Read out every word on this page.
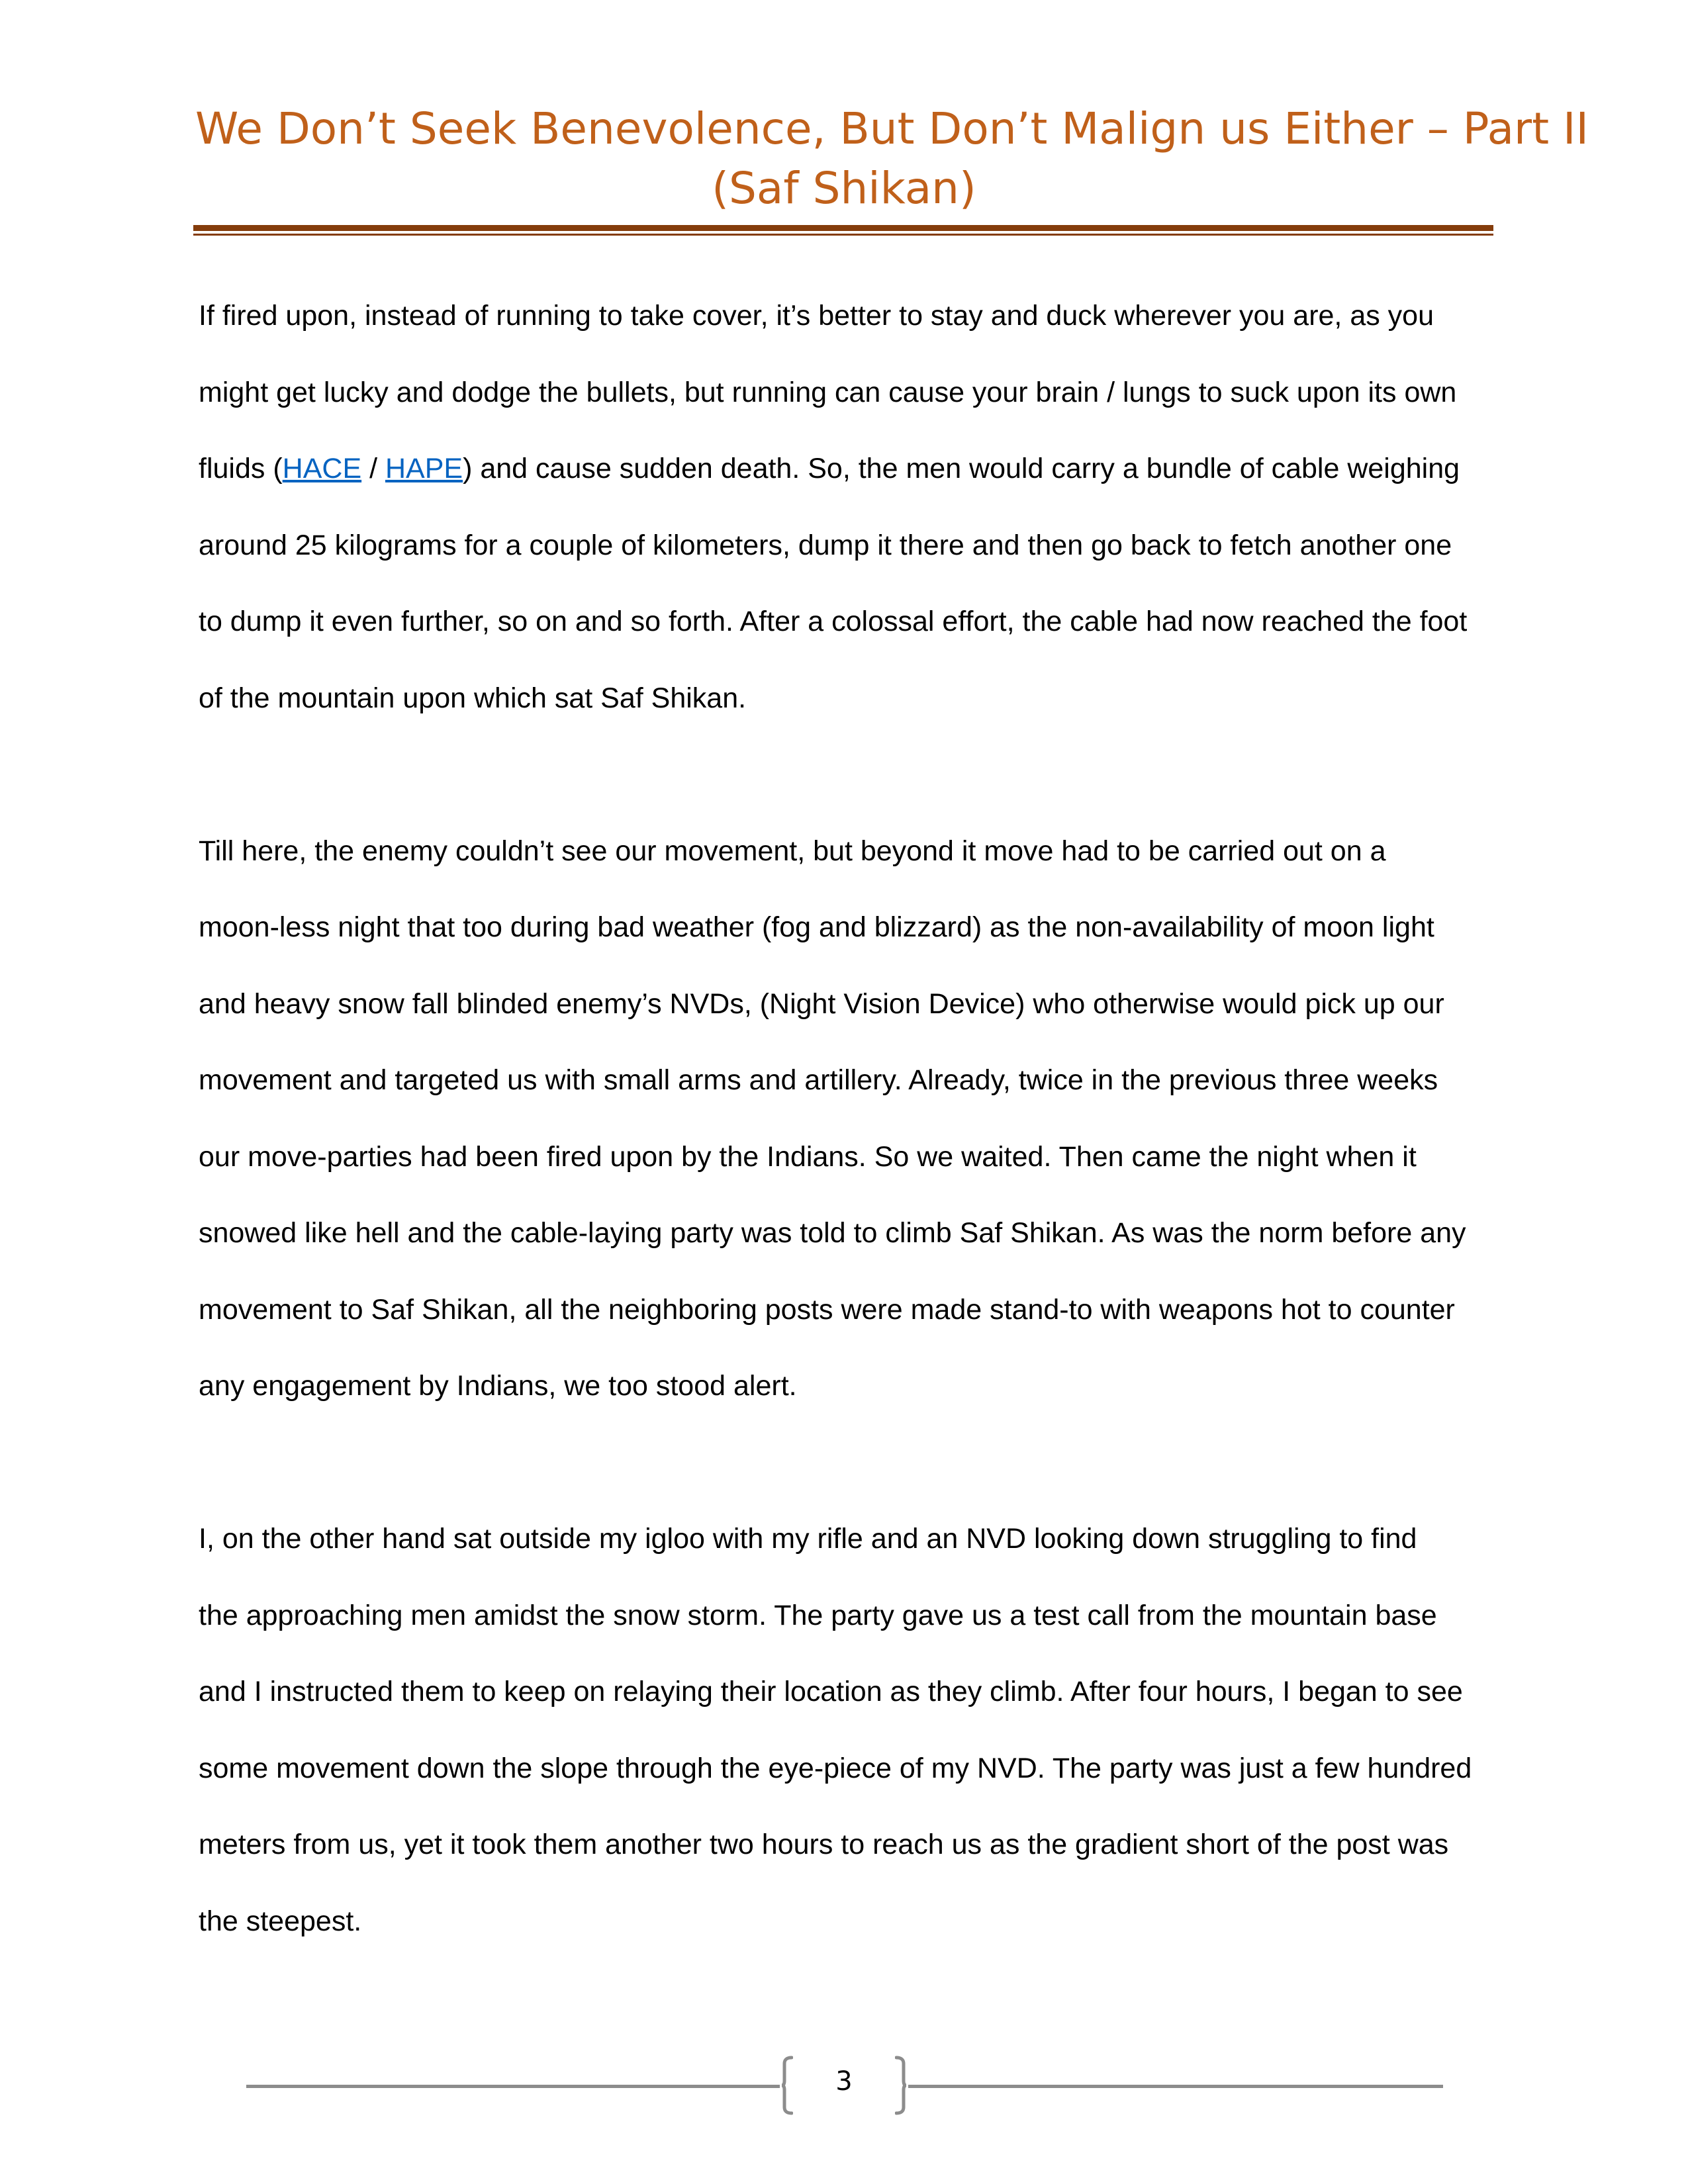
We Don’t Seek Benevolence, But Don’t Malign us Either – Part II
(Saf Shikan)
If fired upon, instead of running to take cover, it’s better to stay and duck wherever you are, as you
might get lucky and dodge the bullets, but running can cause your brain / lungs to suck upon its own
fluids (HACE / HAPE) and cause sudden death. So, the men would carry a bundle of cable weighing
around 25 kilograms for a couple of kilometers, dump it there and then go back to fetch another one
to dump it even further, so on and so forth. After a colossal effort, the cable had now reached the foot
of the mountain upon which sat Saf Shikan.
Till here, the enemy couldn’t see our movement, but beyond it move had to be carried out on a
moon-less night that too during bad weather (fog and blizzard) as the non-availability of moon light
and heavy snow fall blinded enemy’s NVDs, (Night Vision Device) who otherwise would pick up our
movement and targeted us with small arms and artillery. Already, twice in the previous three weeks
our move-parties had been fired upon by the Indians. So we waited. Then came the night when it
snowed like hell and the cable-laying party was told to climb Saf Shikan. As was the norm before any
movement to Saf Shikan, all the neighboring posts were made stand-to with weapons hot to counter
any engagement by Indians, we too stood alert.
I, on the other hand sat outside my igloo with my rifle and an NVD looking down struggling to find
the approaching men amidst the snow storm. The party gave us a test call from the mountain base
and I instructed them to keep on relaying their location as they climb. After four hours, I began to see
some movement down the slope through the eye-piece of my NVD. The party was just a few hundred
meters from us, yet it took them another two hours to reach us as the gradient short of the post was
the steepest.
3
